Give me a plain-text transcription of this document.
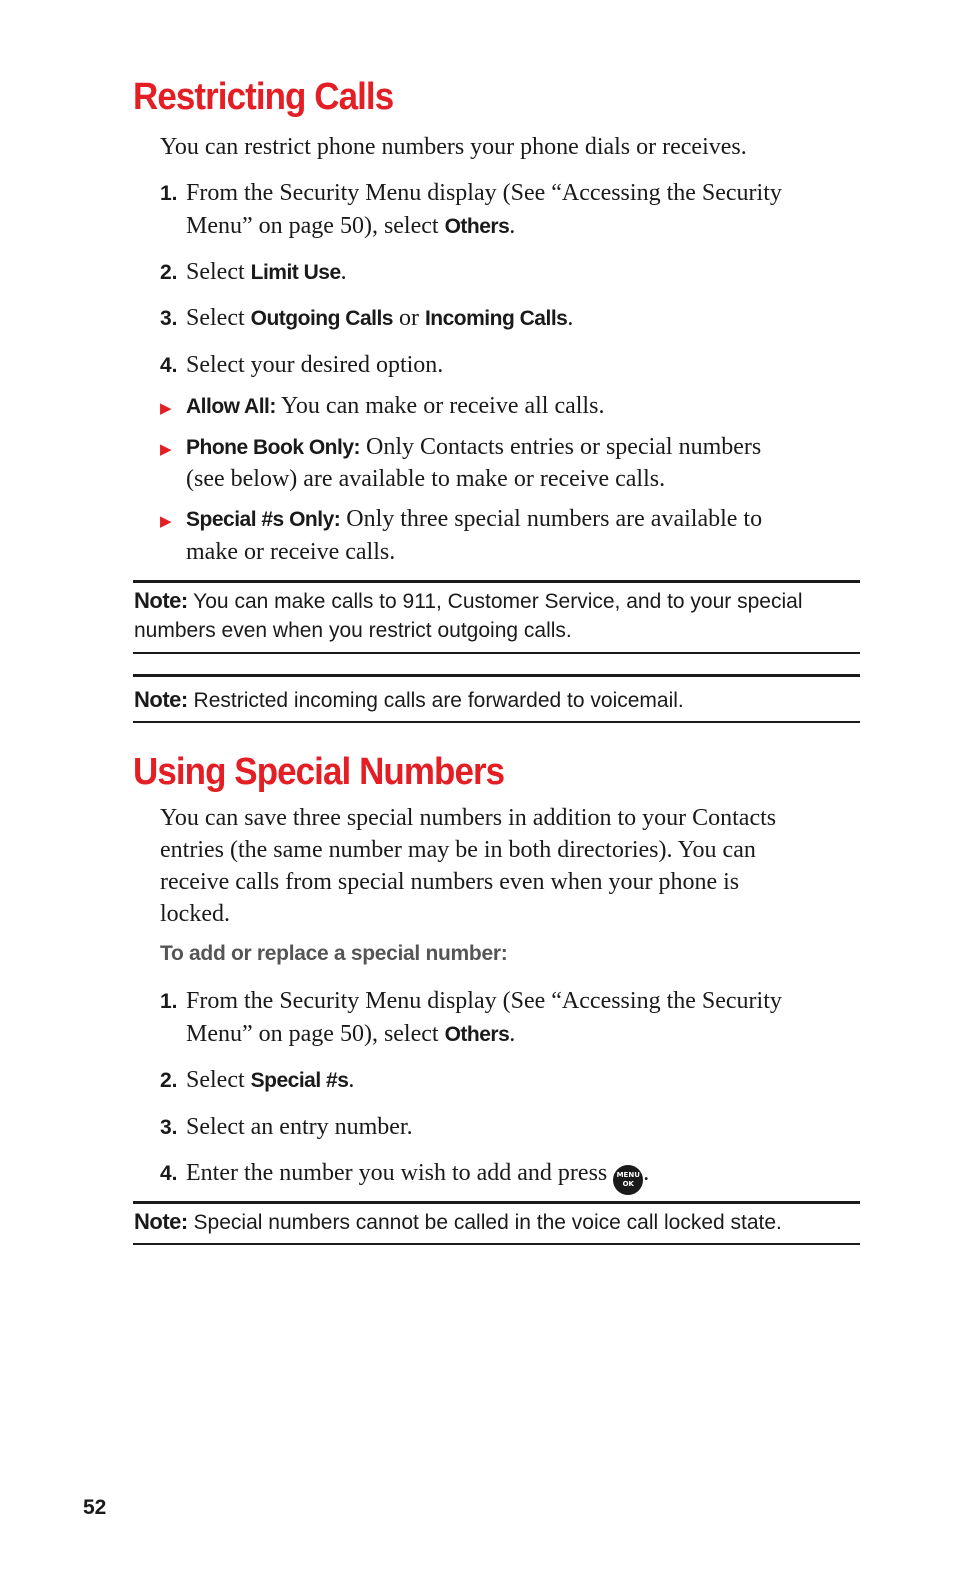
Restricting Calls
You can restrict phone numbers your phone dials or receives.
1. From the Security Menu display (See “Accessing the Security
Menu” on page 50), select Others.
2. Select Limit Use.
3. Select Outgoing Calls or Incoming Calls.
4. Select your desired option.
▶ Allow All: You can make or receive all calls.
▶ Phone Book Only: Only Contacts entries or special numbers
(see below) are available to make or receive calls.
▶ Special #s Only: Only three special numbers are available to
make or receive calls.
Note: You can make calls to 911, Customer Service, and to your special
numbers even when you restrict outgoing calls.
Note: Restricted incoming calls are forwarded to voicemail.
Using Special Numbers
You can save three special numbers in addition to your Contacts
entries (the same number may be in both directories). You can
receive calls from special numbers even when your phone is
locked.
To add or replace a special number:
1. From the Security Menu display (See “Accessing the Security
Menu” on page 50), select Others.
2. Select Special #s.
3. Select an entry number.
4. Enter the number you wish to add and press MENU
OK .
Note: Special numbers cannot be called in the voice call locked state.
52
